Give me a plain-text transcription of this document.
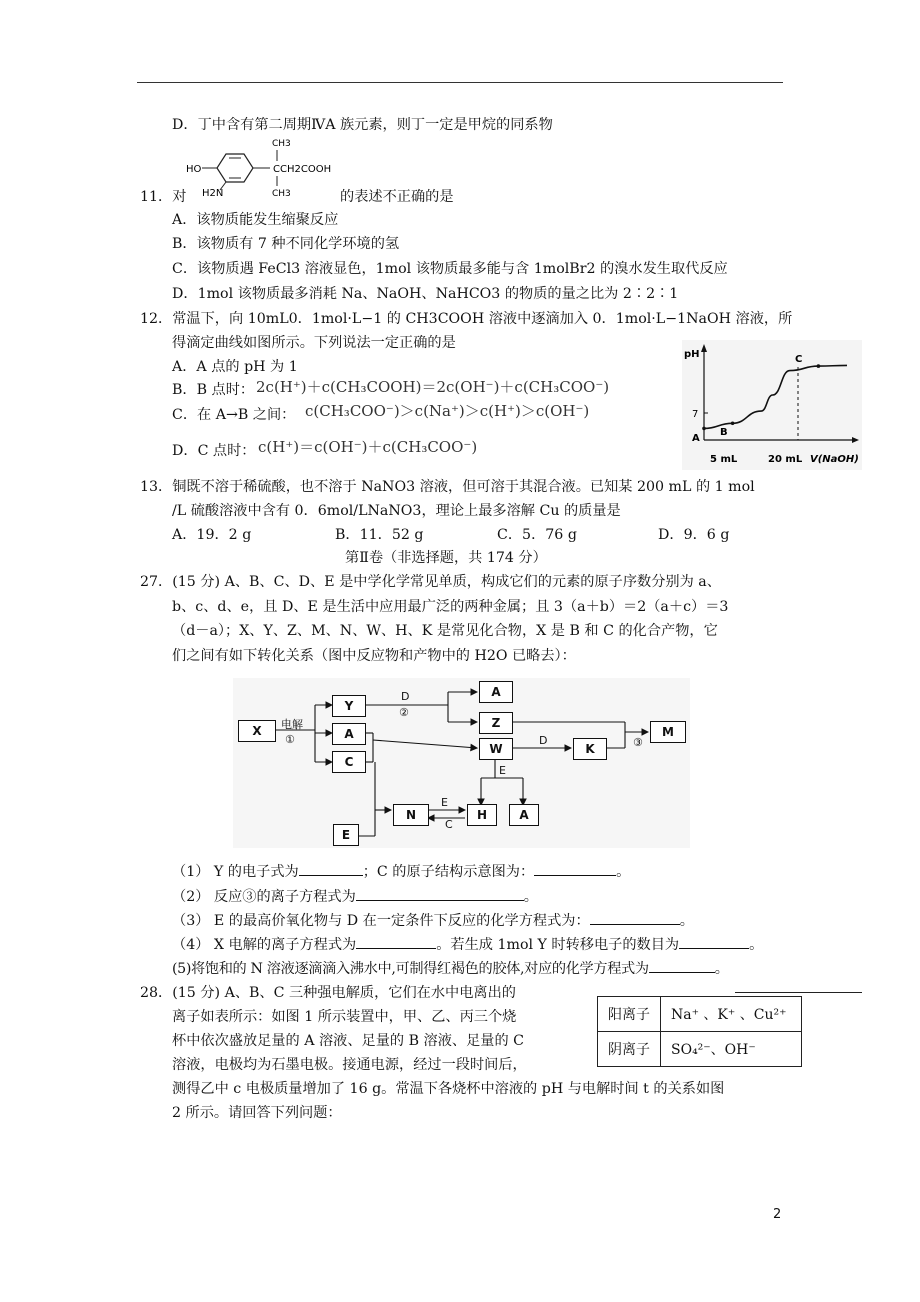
D．丁中含有第二周期ⅣA 族元素，则丁一定是甲烷的同系物
HO
H2N
CH3
CH3
CCH2COOH
11．对	的表述不正确的是
A．该物质能发生缩聚反应
B．该物质有 7 种不同化学环境的氢
C．该物质遇 FeCl3 溶液显色，1mol 该物质最多能与含 1molBr2 的溴水发生取代反应
D．1mol 该物质最多消耗 Na、NaOH、NaHCO3 的物质的量之比为 2∶2∶1
12．常温下，向 10mL0．1mol·L−1 的 CH3COOH 溶液中逐滴加入 0．1mol·L−1NaOH 溶液，所
得滴定曲线如图所示。下列说法一定正确的是
A．A 点的 pH 为 1
B．B 点时： 2c(H⁺)＋c(CH₃COOH)＝2c(OH⁻)＋c(CH₃COO⁻)
C．在 A→B 之间： c(CH₃COO⁻)＞c(Na⁺)＞c(H⁺)＞c(OH⁻)
D．C 点时： c(H⁺)＝c(OH⁻)＋c(CH₃COO⁻)
pH
7
5 mL	20 mL V(NaOH)
A
B
C
13．铜既不溶于稀硫酸，也不溶于 NaNO3 溶液，但可溶于其混合液。已知某 200 mL 的 1 mol
/L 硫酸溶液中含有 0．6mol/LNaNO3，理论上最多溶解 Cu 的质量是
A．19．2 g	B．11．52 g	C．5．76 g	D．9．6 g
第Ⅱ卷（非选择题，共 174 分）
27．(15 分) A、B、C、D、E 是中学化学常见单质，构成它们的元素的原子序数分别为 a、
b、c、d、e，且 D、E 是生活中应用最广泛的两种金属；且 3（a＋b）＝2（a＋c）＝3
（d－a）；X、Y、Z、M、N、W、H、K 是常见化合物，X 是 B 和 C 的化合产物，它
们之间有如下转化关系（图中反应物和产物中的 H2O 已略去）：
X
Y
A
C
A
Z
W	K
M
N	H	A
E
电解
①
D
②
D	③
E
E
C
（1） Y 的电子式为	；C 的原子结构示意图为：	。
（2） 反应③的离子方程式为	。
（3） E 的最高价氧化物与 D 在一定条件下反应的化学方程式为：	。
（4） X 电解的离子方程式为	。若生成 1mol Y 时转移电子的数目为	。
(5)将饱和的 N 溶液逐滴滴入沸水中,可制得红褐色的胶体,对应的化学方程式为	。
28．(15 分) A、B、C 三种强电解质，它们在水中电离出的
离子如表所示：如图 1 所示装置中，甲、乙、丙三个烧
杯中依次盛放足量的 A 溶液、足量的 B 溶液、足量的 C
溶液，电极均为石墨电极。接通电源，经过一段时间后，
测得乙中 c 电极质量增加了 16 g。常温下各烧杯中溶液的 pH 与电解时间 t 的关系如图
2 所示。请回答下列问题：
阳离子	Na⁺ 、K⁺ 、Cu²⁺
阴离子	SO₄²⁻、OH⁻
2
